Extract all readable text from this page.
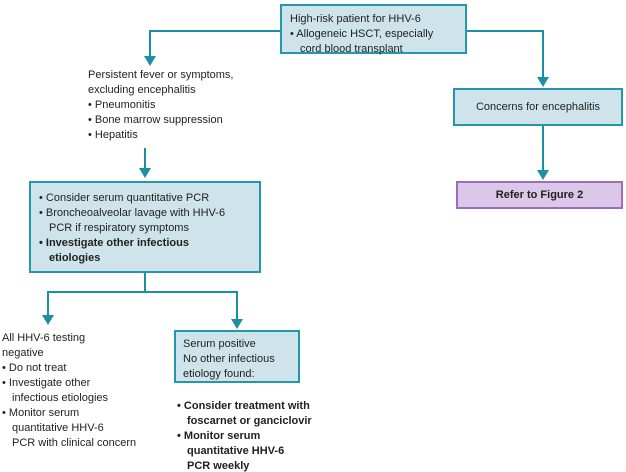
High-risk patient for HHV-6
• Allogeneic HSCT, especially
cord blood transplant
Persistent fever or symptoms,
excluding encephalitis
• Pneumonitis
• Bone marrow suppression
• Hepatitis
Concerns for encephalitis
Refer to Figure 2
• Consider serum quantitative PCR
• Broncheoalveolar lavage with HHV-6
PCR if respiratory symptoms
• Investigate other infectious
etiologies
All HHV-6 testing
negative
• Do not treat
• Investigate other
infectious etiologies
• Monitor serum
quantitative HHV-6
PCR with clinical concern
Serum positive
No other infectious
etiology found:
• Consider treatment with
foscarnet or ganciclovir
• Monitor serum
quantitative HHV-6
PCR weekly
